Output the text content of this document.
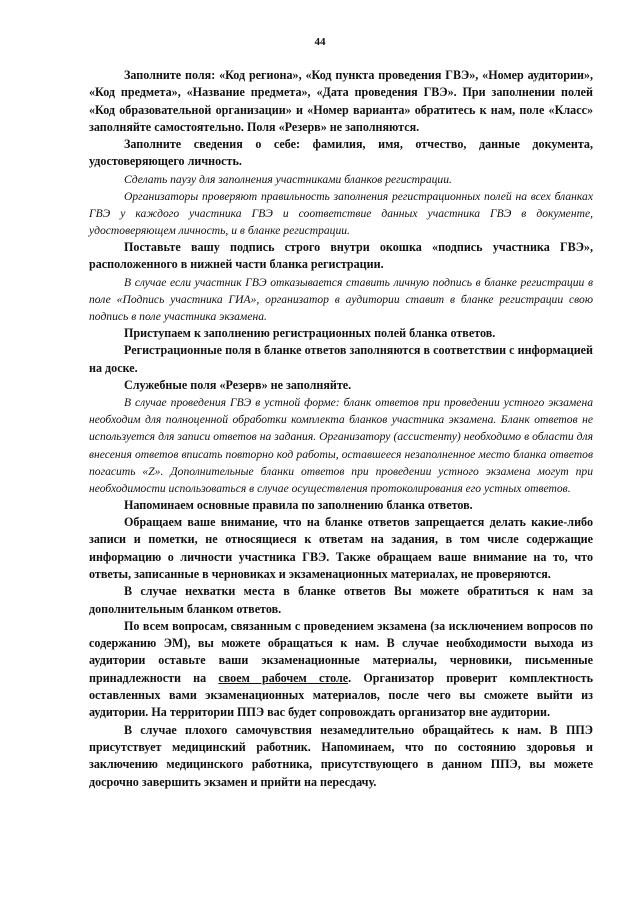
44

Заполните поля: «Код региона», «Код пункта проведения ГВЭ», «Номер аудитории», «Код предмета», «Название предмета», «Дата проведения ГВЭ». При заполнении полей «Код образовательной организации» и «Номер варианта» обратитесь к нам, поле «Класс» заполняйте самостоятельно. Поля «Резерв» не заполняются.

Заполните сведения о себе: фамилия, имя, отчество, данные документа, удостоверяющего личность.

Сделать паузу для заполнения участниками бланков регистрации.

Организаторы проверяют правильность заполнения регистрационных полей на всех бланках ГВЭ у каждого участника ГВЭ и соответствие данных участника ГВЭ в документе, удостоверяющем личность, и в бланке регистрации.

Поставьте вашу подпись строго внутри окошка «подпись участника ГВЭ», расположенного в нижней части бланка регистрации.

В случае если участник ГВЭ отказывается ставить личную подпись в бланке регистрации в поле «Подпись участника ГИА», организатор в аудитории ставит в бланке регистрации свою подпись в поле участника экзамена.

Приступаем к заполнению регистрационных полей бланка ответов.

Регистрационные поля в бланке ответов заполняются в соответствии с информацией на доске.

Служебные поля «Резерв» не заполняйте.

В случае проведения ГВЭ в устной форме: бланк ответов при проведении устного экзамена необходим для полноценной обработки комплекта бланков участника экзамена. Бланк ответов не используется для записи ответов на задания. Организатору (ассистенту) необходимо в области для внесения ответов вписать повторно код работы, оставшееся незаполненное место бланка ответов погасить «Z». Дополнительные бланки ответов при проведении устного экзамена могут при необходимости использоваться в случае осуществления протоколирования его устных ответов.

Напоминаем основные правила по заполнению бланка ответов.

Обращаем ваше внимание, что на бланке ответов запрещается делать какие-либо записи и пометки, не относящиеся к ответам на задания, в том числе содержащие информацию о личности участника ГВЭ. Также обращаем ваше внимание на то, что ответы, записанные в черновиках и экзаменационных материалах, не проверяются.

В случае нехватки места в бланке ответов Вы можете обратиться к нам за дополнительным бланком ответов.

По всем вопросам, связанным с проведением экзамена (за исключением вопросов по содержанию ЭМ), вы можете обращаться к нам. В случае необходимости выхода из аудитории оставьте ваши экзаменационные материалы, черновики, письменные принадлежности на своем рабочем столе. Организатор проверит комплектность оставленных вами экзаменационных материалов, после чего вы сможете выйти из аудитории. На территории ППЭ вас будет сопровождать организатор вне аудитории.

В случае плохого самочувствия незамедлительно обращайтесь к нам. В ППЭ присутствует медицинский работник. Напоминаем, что по состоянию здоровья и заключению медицинского работника, присутствующего в данном ППЭ, вы можете досрочно завершить экзамен и прийти на пересдачу.
